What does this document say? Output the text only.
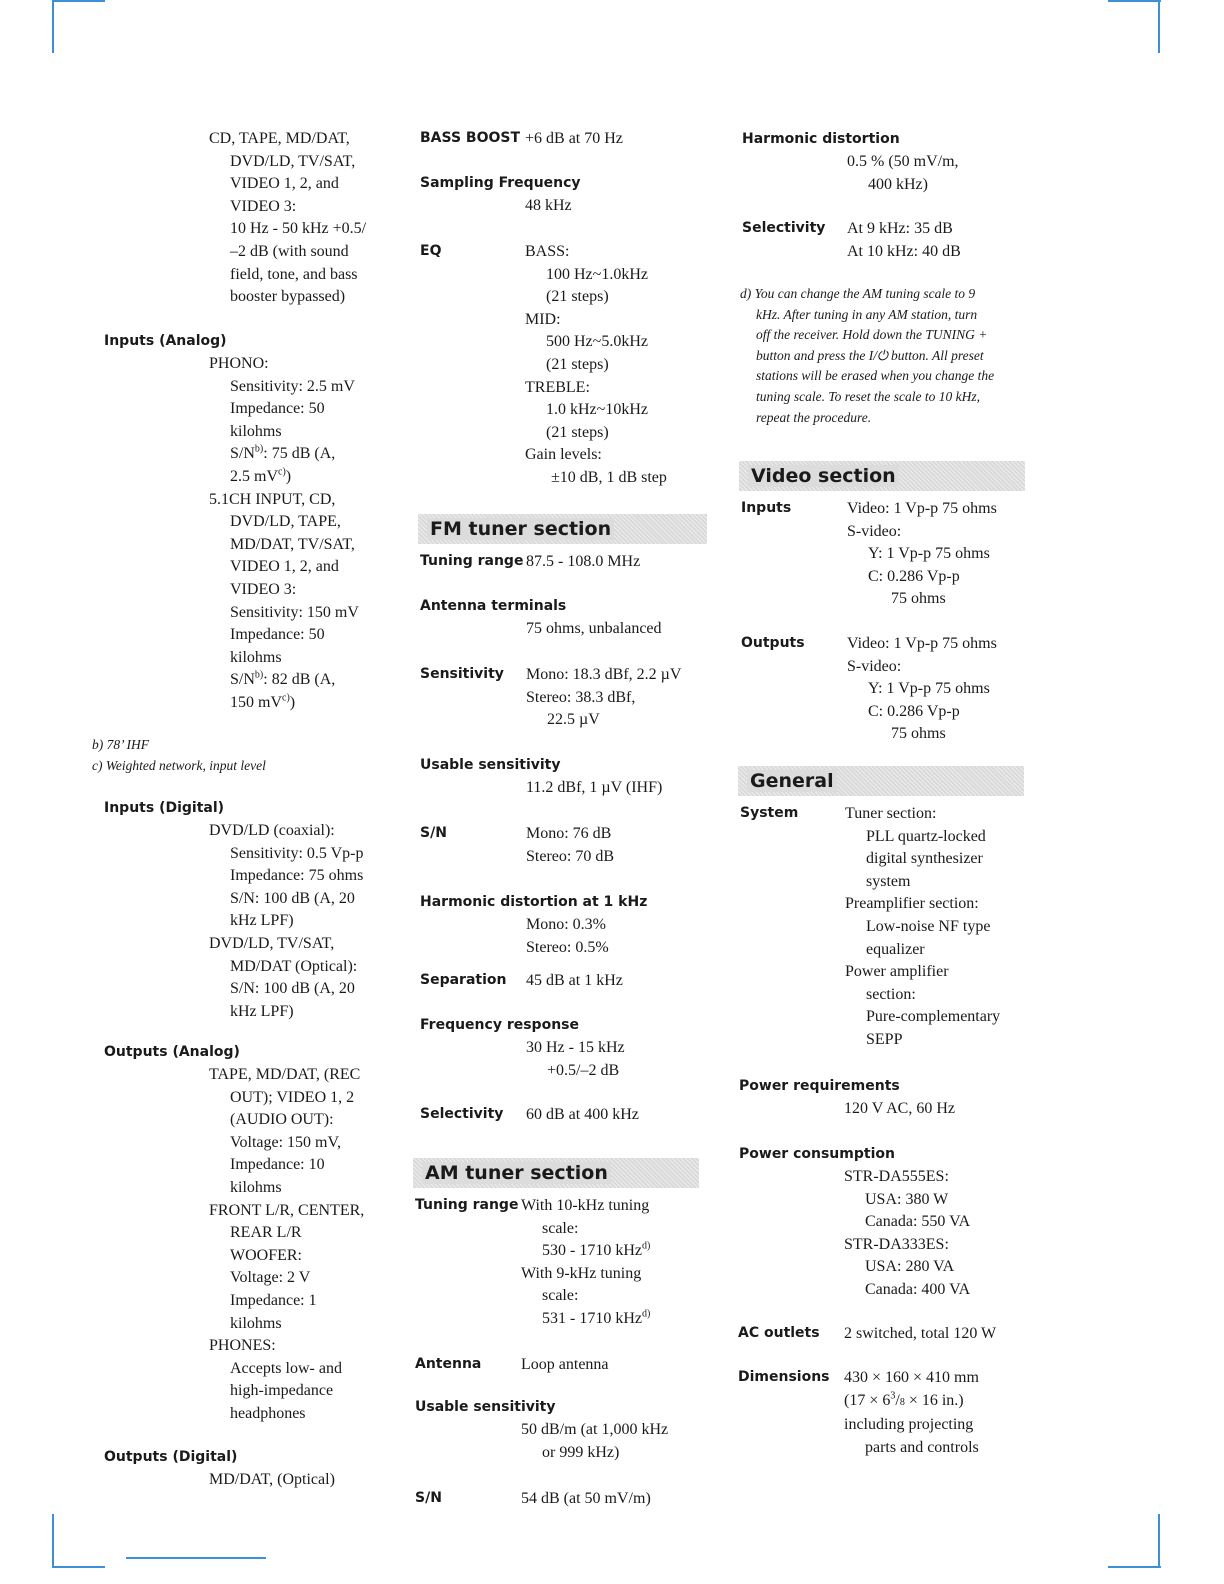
CD, TAPE, MD/DAT,
DVD/LD, TV/SAT,
VIDEO 1, 2, and
VIDEO 3:
10 Hz - 50 kHz +0.5/
–2 dB (with sound
field, tone, and bass
booster bypassed)
Inputs (Analog)
PHONO:
Sensitivity: 2.5 mV
Impedance: 50
kilohms
$S/N^{b)}$: 75 dB (A,
2.5 $mV^{c)}$)
5.1CH INPUT, CD,
DVD/LD, TAPE,
MD/DAT, TV/SAT,
VIDEO 1, 2, and
VIDEO 3:
Sensitivity: 150 mV
Impedance: 50
kilohms
$S/N^{b)}$: 82 dB (A,
150 $mV^{c)}$)
b) 78’ IHF
c) Weighted network, input level
Inputs (Digital)
DVD/LD (coaxial):
Sensitivity: 0.5 Vp-p
Impedance: 75 ohms
S/N: 100 dB (A, 20
kHz LPF)
DVD/LD, TV/SAT,
MD/DAT (Optical):
S/N: 100 dB (A, 20
kHz LPF)
Outputs (Analog)
TAPE, MD/DAT, (REC
OUT); VIDEO 1, 2
(AUDIO OUT):
Voltage: 150 mV,
Impedance: 10
kilohms
FRONT L/R, CENTER,
REAR L/R
WOOFER:
Voltage: 2 V
Impedance: 1
kilohms
PHONES:
Accepts low- and
high-impedance
headphones
Outputs (Digital)
MD/DAT, (Optical)
BASS BOOST +6 dB at 70 Hz
Sampling Frequency
48 kHz
EQ	BASS:
100 Hz~1.0kHz
(21 steps)
MID:
500 Hz~5.0kHz
(21 steps)
TREBLE:
1.0 kHz~10kHz
(21 steps)
Gain levels:
±10 dB, 1 dB step
FM tuner section
Tuning range 87.5 - 108.0 MHz
Antenna terminals
75 ohms, unbalanced
Sensitivity Mono: 18.3 dBf, 2.2 µV
Stereo: 38.3 dBf,
22.5 µV
Usable sensitivity
11.2 dBf, 1 µV (IHF)
S/N	Mono: 76 dB
Stereo: 70 dB
Harmonic distortion at 1 kHz
Mono: 0.3%
Stereo: 0.5%
Separation 45 dB at 1 kHz
Frequency response
30 Hz - 15 kHz
+0.5/–2 dB
Selectivity 60 dB at 400 kHz
AM tuner section
Tuning range With 10-kHz tuning
scale:
530 - 1710 kHz$^{d)}$
With 9-kHz tuning
scale:
531 - 1710 kHz$^{d)}$
Antenna Loop antenna
Usable sensitivity
50 dB/m (at 1,000 kHz
or 999 kHz)
S/N	54 dB (at 50 mV/m)
Harmonic distortion
0.5 % (50 mV/m,
400 kHz)
Selectivity At 9 kHz: 35 dB
At 10 kHz: 40 dB
d) You can change the AM tuning scale to 9
kHz. After tuning in any AM station, turn
off the receiver. Hold down the TUNING +
button and press the I/⏻ button. All preset
stations will be erased when you change the
tuning scale. To reset the scale to 10 kHz,
repeat the procedure.
Video section
Inputs	Video: 1 Vp-p 75 ohms
S-video:
Y: 1 Vp-p 75 ohms
C: 0.286 Vp-p
75 ohms
Outputs	Video: 1 Vp-p 75 ohms
S-video:
Y: 1 Vp-p 75 ohms
C: 0.286 Vp-p
75 ohms
General
System	Tuner section:
PLL quartz-locked
digital synthesizer
system
Preamplifier section:
Low-noise NF type
equalizer
Power amplifier
section:
Pure-complementary
SEPP
Power requirements
120 V AC, 60 Hz
Power consumption
STR-DA555ES:
USA: 380 W
Canada: 550 VA
STR-DA333ES:
USA: 280 VA
Canada: 400 VA
AC outlets 2 switched, total 120 W
Dimensions 430 × 160 × 410 mm
($17 \times 6^3/8 \times 16$ in.)
including projecting
parts and controls
